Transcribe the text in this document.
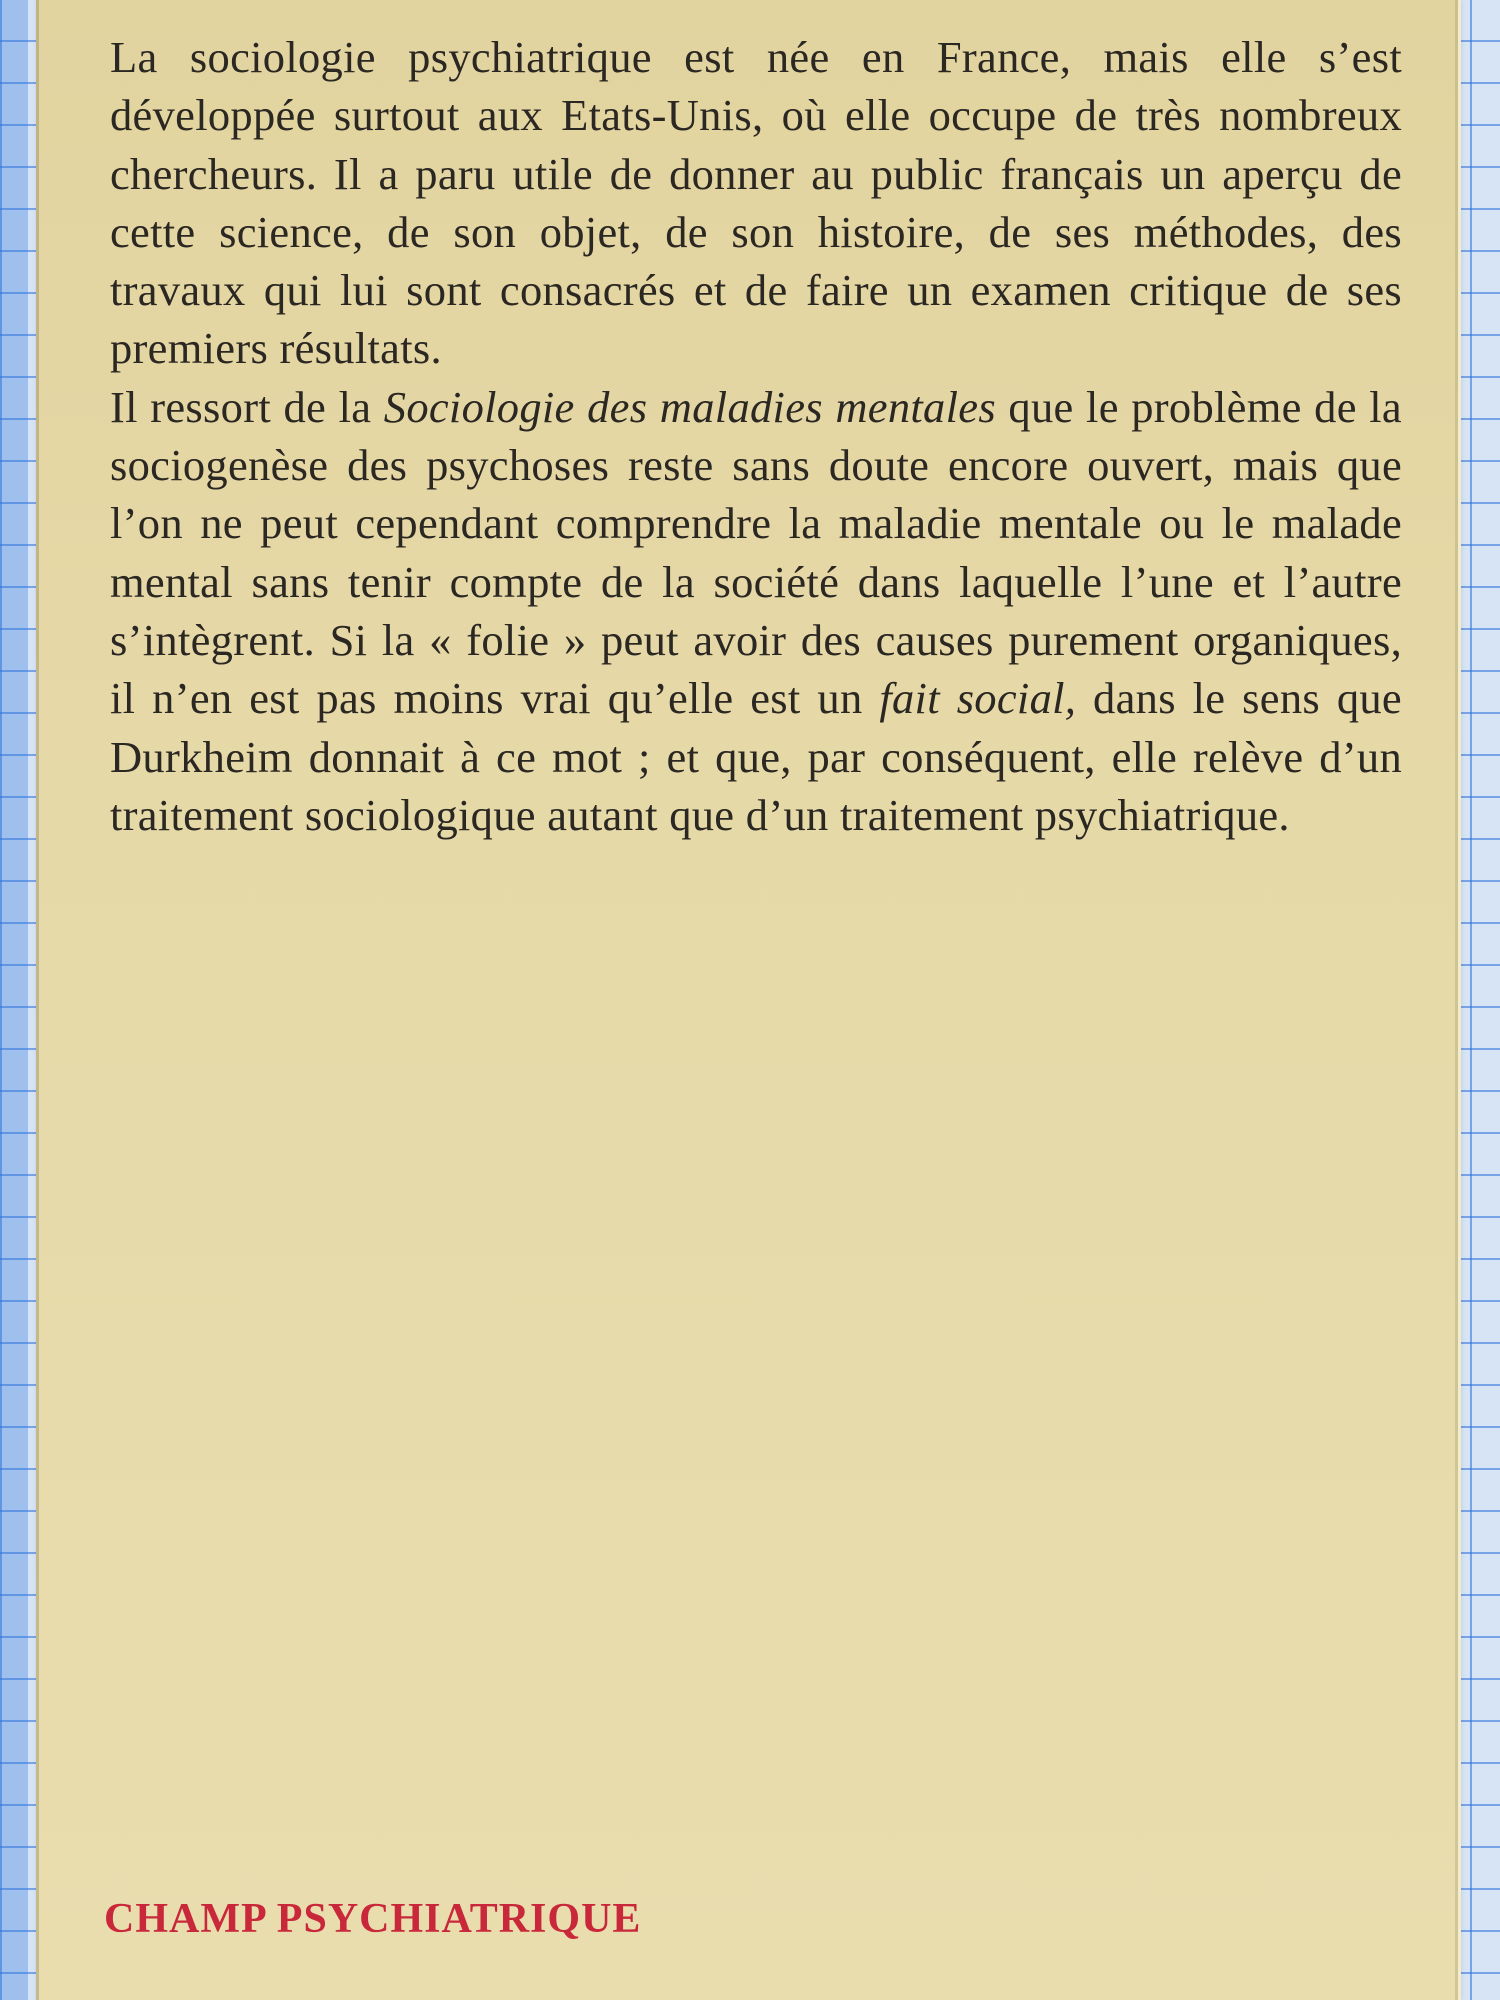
La sociologie psychiatrique est née en France, mais elle s’est développée surtout aux Etats-Unis, où elle occupe de très nombreux chercheurs. Il a paru utile de donner au public français un aperçu de cette science, de son objet, de son histoire, de ses méthodes, des travaux qui lui sont consacrés et de faire un examen critique de ses premiers résultats.

Il ressort de la Sociologie des maladies mentales que le problème de la sociogenèse des psychoses reste sans doute encore ouvert, mais que l’on ne peut cependant comprendre la maladie mentale ou le malade mental sans tenir compte de la société dans laquelle l’une et l’autre s’intègrent. Si la « folie » peut avoir des causes purement organiques, il n’en est pas moins vrai qu’elle est un fait social, dans le sens que Durkheim donnait à ce mot ; et que, par conséquent, elle relève d’un traitement sociologique autant que d’un traitement psychiatrique.

CHAMP PSYCHIATRIQUE
